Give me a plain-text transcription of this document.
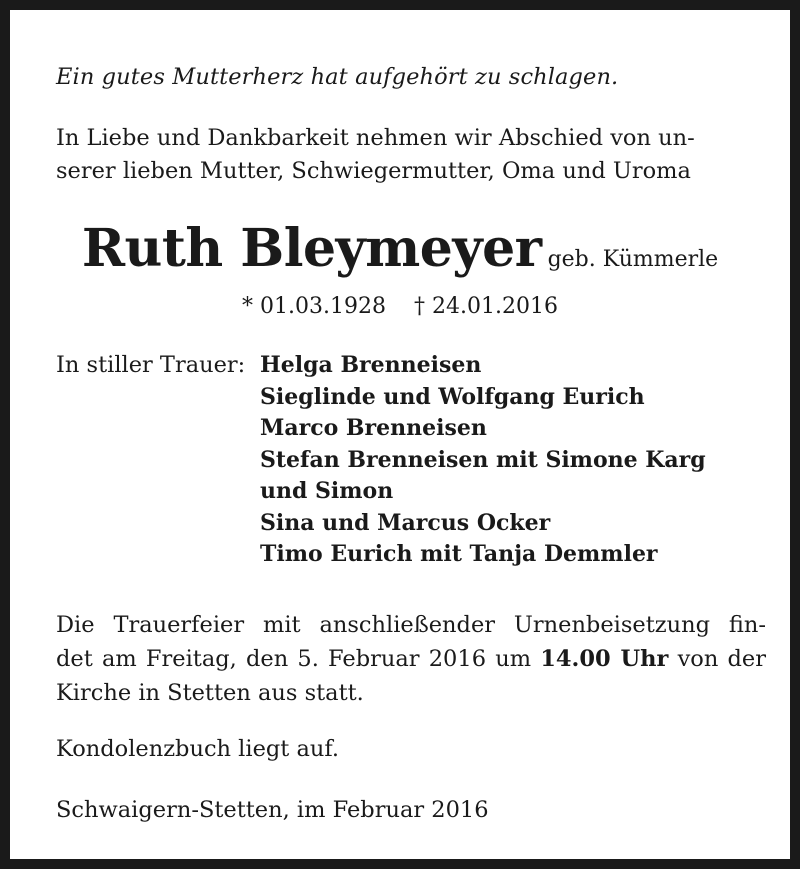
Ein gutes Mutterherz hat aufgehört zu schlagen.
In Liebe und Dankbarkeit nehmen wir Abschied von un-
serer lieben Mutter, Schwiegermutter, Oma und Uroma
Ruth Bleymeyer geb. Kümmerle
* 01.03.1928 † 24.01.2016
In stiller Trauer: Helga Brenneisen
Sieglinde und Wolfgang Eurich
Marco Brenneisen
Stefan Brenneisen mit Simone Karg
und Simon
Sina und Marcus Ocker
Timo Eurich mit Tanja Demmler
Die Trauerfeier mit anschließender Urnenbeisetzung fin-
det am Freitag, den 5. Februar 2016 um 14.00 Uhr von der
Kirche in Stetten aus statt.
Kondolenzbuch liegt auf.
Schwaigern-Stetten, im Februar 2016
